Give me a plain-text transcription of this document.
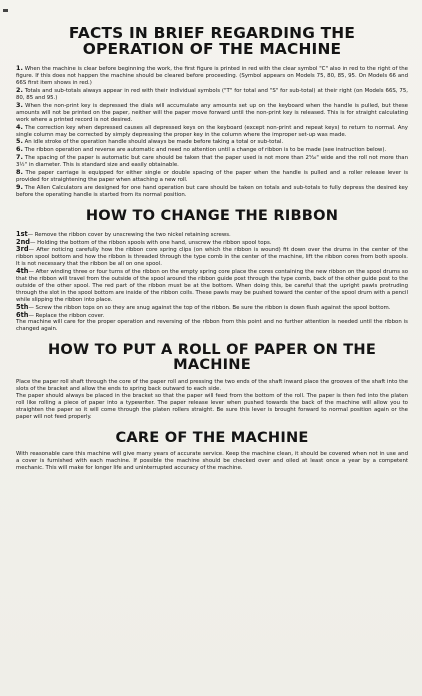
FACTS IN BRIEF REGARDING THE OPERATION OF THE MACHINE

1. When the machine is clear before beginning the work, the first figure is printed in red with the clear symbol "C" also in red to the right of the figure. If this does not happen the machine should be cleared before proceeding. (Symbol appears on Models 75, 80, 85, 95. On Models 66 and 66S first item shows in red.)

2. Totals and sub-totals always appear in red with their individual symbols ("T" for total and "S" for sub-total) at their right (on Models 66S, 75, 80, 85 and 95.)

3. When the non-print key is depressed the dials will accumulate any amounts set up on the keyboard when the handle is pulled, but these amounts will not be printed on the paper, neither will the paper move forward until the non-print key is released. This is for straight calculating work where a printed record is not desired.

4. The correction key when depressed causes all depressed keys on the keyboard (except non-print and repeat keys) to return to normal. Any single column may be corrected by simply depressing the proper key in the column where the improper set-up was made.

5. An idle stroke of the operation handle should always be made before taking a total or sub-total.

6. The ribbon operation and reverse are automatic and need no attention until a change of ribbon is to be made (see instruction below).

7. The spacing of the paper is automatic but care should be taken that the paper used is not more than 2⁵⁄₁₆" wide and the roll not more than 3½" in diameter. This is standard size and easily obtainable.

8. The paper carriage is equipped for either single or double spacing of the paper when the handle is pulled and a roller release lever is provided for straightening the paper when attaching a new roll.

9. The Allen Calculators are designed for one hand operation but care should be taken on totals and sub-totals to fully depress the desired key before the operating handle is started from its normal position.

HOW TO CHANGE THE RIBBON

1st— Remove the ribbon cover by unscrewing the two nickel retaining screws.

2nd— Holding the bottom of the ribbon spools with one hand, unscrew the ribbon spool tops.

3rd— After noticing carefully how the ribbon core spring clips (on which the ribbon is wound) fit down over the drums in the center of the ribbon spool bottom and how the ribbon is threaded through the type comb in the center of the machine, lift the ribbon cores from both spools. It is not necessary that the ribbon be all on one spool.

4th— After winding three or four turns of the ribbon on the empty spring core place the cores containing the new ribbon on the spool drums so that the ribbon will travel from the outside of the spool around the ribbon guide post through the type comb, back of the other guide post to the outside of the other spool. The red part of the ribbon must be at the bottom. When doing this, be careful that the upright pawls protruding through the slot in the spool bottom are inside of the ribbon coils. These pawls may be pushed toward the center of the spool drum with a pencil while slipping the ribbon into place.

5th— Screw the ribbon tops on so they are snug against the top of the ribbon. Be sure the ribbon is down flush against the spool bottom.

6th— Replace the ribbon cover.

The machine will care for the proper operation and reversing of the ribbon from this point and no further attention is needed until the ribbon is changed again.

HOW TO PUT A ROLL OF PAPER ON THE MACHINE

Place the paper roll shaft through the core of the paper roll and pressing the two ends of the shaft inward place the grooves of the shaft into the slots of the bracket and allow the ends to spring back outward to each side.

The paper should always be placed in the bracket so that the paper will feed from the bottom of the roll. The paper is then fed into the platen roll like rolling a piece of paper into a typewriter. The paper release lever when pushed towards the back of the machine will allow you to straighten the paper so it will come through the platen rollers straight. Be sure this lever is brought forward to normal position again or the paper will not feed properly.

CARE OF THE MACHINE

With reasonable care this machine will give many years of accurate service. Keep the machine clean, it should be covered when not in use and a cover is furnished with each machine. If possible the machine should be checked over and oiled at least once a year by a competent mechanic. This will make for longer life and uninterrupted accuracy of the machine.
